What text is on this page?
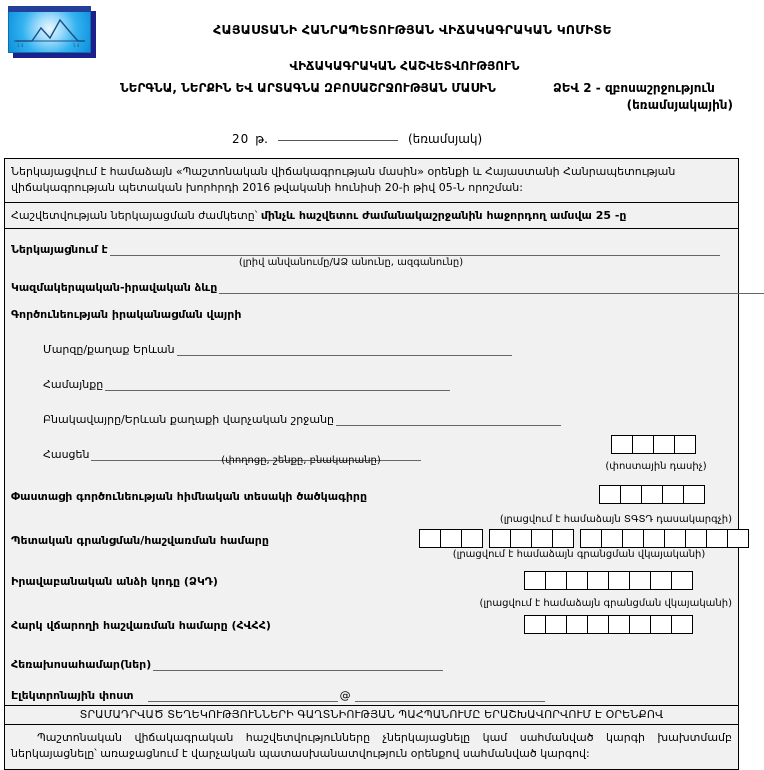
1 4	5 4
ՀԱՅԱՍՏԱՆԻ ՀԱՆՐԱՊԵՏՈՒԹՅԱՆ ՎԻՃԱԿԱԳՐԱԿԱՆ ԿՈՄԻՏԵ
ՎԻՃԱԿԱԳՐԱԿԱՆ ՀԱՇՎԵՏՎՈՒԹՅՈՒՆ
ՆԵՐԳՆԱ, ՆԵՐՔԻՆ ԵՎ ԱՐՏԱԳՆԱ ԶԲՈՍԱՇՐՋՈՒԹՅԱՆ ՄԱՍԻՆ	ՁԵՎ 2 - զբոսաշրջություն
(եռամսյակային)
20 թ.	(եռամսյակ)
Ներկայացվում է համաձայն «Պաշտոնական վիճակագրության մասին» օրենքի և Հայաստանի Հանրապետության վիճակագրության պետական խորհրդի 2016 թվականի հունիսի 20-ի թիվ 05-Ն որոշման:
Հաշվետվության ներկայացման ժամկետը՝ մինչև հաշվետու ժամանակաշրջանին հաջորդող ամսվա 25 -ը
Ներկայացնում է
(լրիվ անվանումը/ԱՁ անունը, ազգանունը)
Կազմակերպական-իրավական ձևը
Գործունեության իրականացման վայրի
Մարզը/քաղաք Երևան
Համայնքը
Բնակավայրը/Երևան քաղաքի վարչական շրջանը
Հասցեն	(փողոցը, շենքը, բնակարանը)
(փոստային դասիչ)
Փաստացի գործունեության հիմնական տեսակի ծածկագիրը
(լրացվում է համաձայն ՏԳՏԴ դասակարգչի)
Պետական գրանցման/հաշվառման համարը
(լրացվում է համաձայն գրանցման վկայականի)
Իրավաբանական անձի կոդը (ՁԿԴ)
(լրացվում է համաձայն գրանցման վկայականի)
Հարկ վճարողի հաշվառման համարը (ՀՎՀՀ)
Հեռախոսահամար(ներ)
Էլեկտրոնային փոստ	@
ՏՐԱՄԱԴՐՎԱԾ ՏԵՂԵԿՈՒԹՅՈՒՆՆԵՐԻ ԳԱՂՏՆԻՈՒԹՅԱՆ ՊԱՀՊԱՆՈՒՄԸ ԵՐԱՇԽԱՎՈՐՎՈՒՄ Է ՕՐԵՆՔՈՎ
Պաշտոնական վիճակագրական հաշվետվությունները չներկայացնելը կամ սահմանված կարգի խախտմամբ ներկայացնելը՝ առաջացնում է վարչական պատասխանատվություն օրենքով սահմանված կարգով:
